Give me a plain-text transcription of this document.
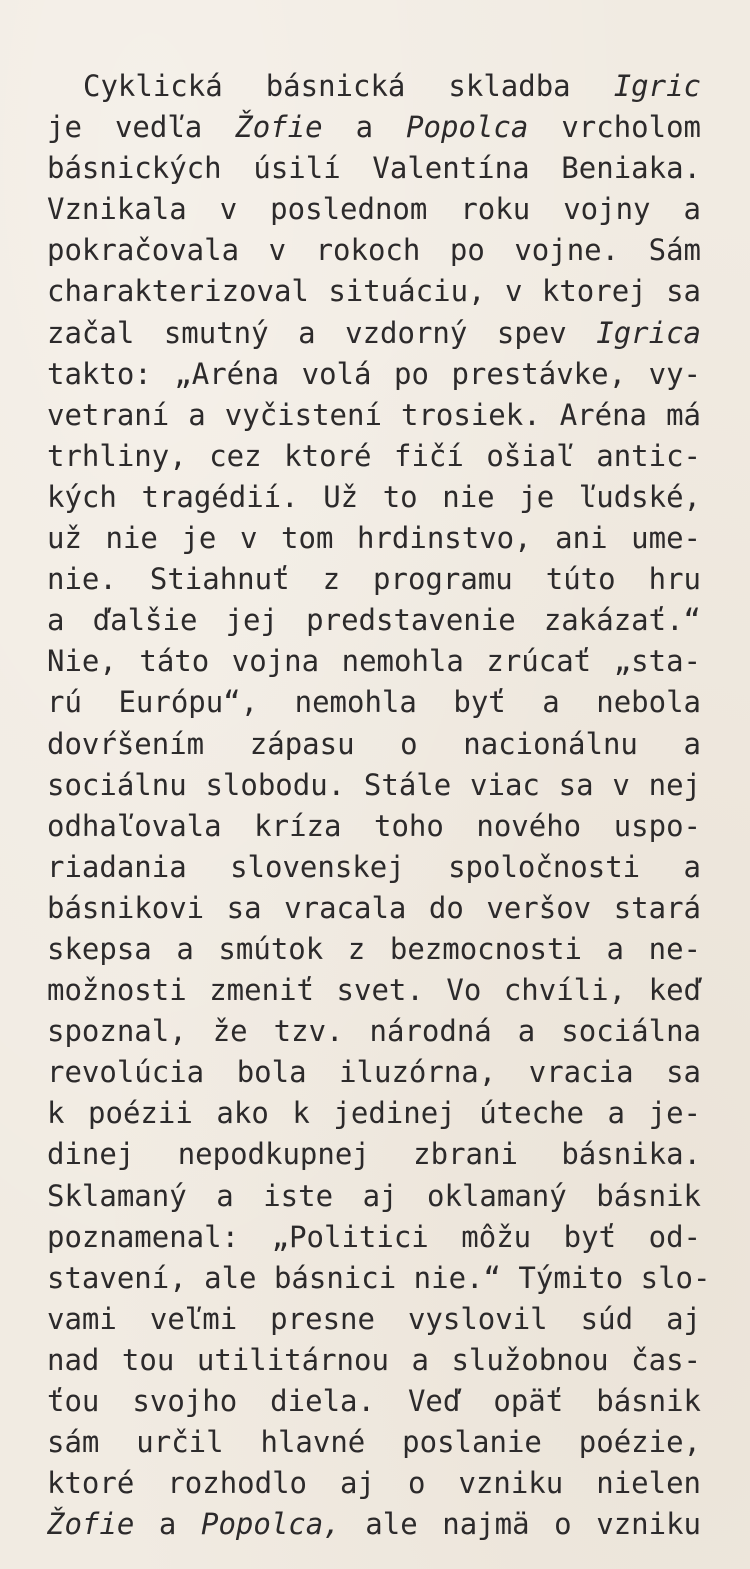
Cyklická básnická skladba Igric
je vedľa Žofie a Popolca vrcholom
básnických úsilí Valentína Beniaka.
Vznikala v poslednom roku vojny a
pokračovala v rokoch po vojne. Sám
charakterizoval situáciu, v ktorej sa
začal smutný a vzdorný spev Igrica
takto: „Aréna volá po prestávke, vy-
vetraní a vyčistení trosiek. Aréna má
trhliny, cez ktoré fičí ošiaľ antic-
kých tragédií. Už to nie je ľudské,
už nie je v tom hrdinstvo, ani ume-
nie. Stiahnuť z programu túto hru
a ďalšie jej predstavenie zakázať.“
Nie, táto vojna nemohla zrúcať „sta-
rú Európu“, nemohla byť a nebola
dovŕšením zápasu o nacionálnu a
sociálnu slobodu. Stále viac sa v nej
odhaľovala kríza toho nového uspo-
riadania slovenskej spoločnosti a
básnikovi sa vracala do veršov stará
skepsa a smútok z bezmocnosti a ne-
možnosti zmeniť svet. Vo chvíli, keď
spoznal, že tzv. národná a sociálna
revolúcia bola iluzórna, vracia sa
k poézii ako k jedinej úteche a je-
dinej nepodkupnej zbrani básnika.
Sklamaný a iste aj oklamaný básnik
poznamenal: „Politici môžu byť od-
stavení, ale básnici nie.“ Týmito slo-
vami veľmi presne vyslovil súd aj
nad tou utilitárnou a služobnou čas-
ťou svojho diela. Veď opäť básnik
sám určil hlavné poslanie poézie,
ktoré rozhodlo aj o vzniku nielen
Žofie a Popolca, ale najmä o vzniku
